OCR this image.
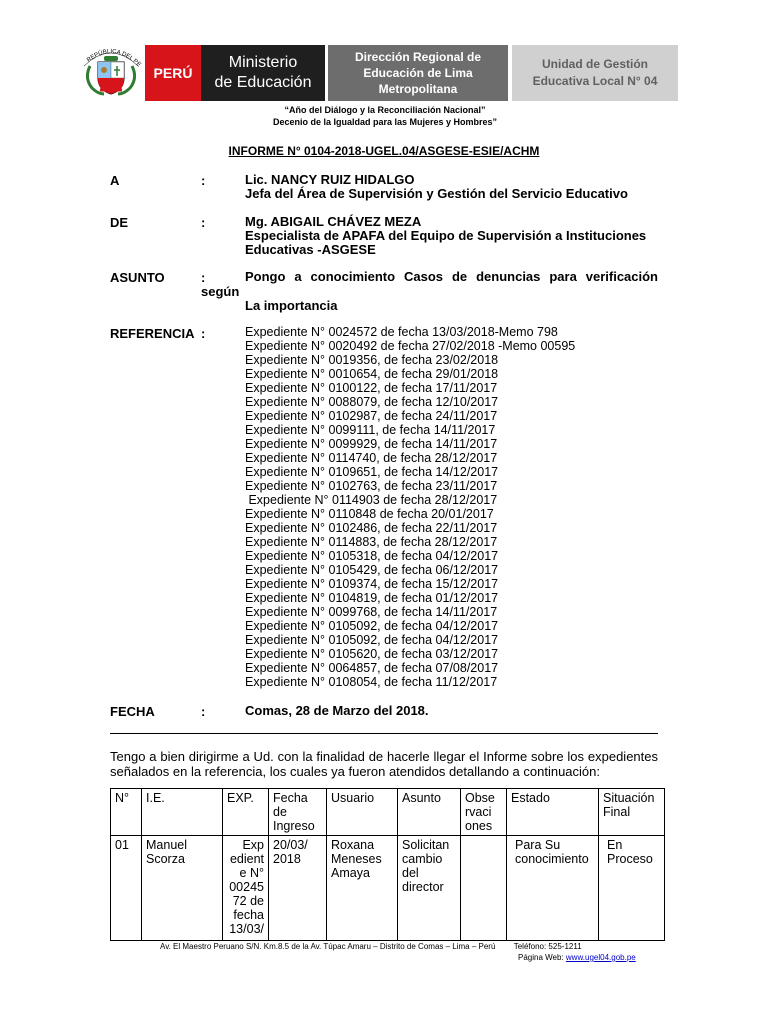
REPÚBLICA DEL PE
PERÚ
Ministerio
de Educación
Dirección Regional de
Educación de Lima
Metropolitana
Unidad de Gestión
Educativa Local N° 04
“Año del Diálogo y la Reconciliación Nacional”
Decenio de la Igualdad para las Mujeres y Hombres”
INFORME N° 0104-2018-UGEL.04/ASGESE-ESIE/ACHM
A	:	Lic. NANCY RUIZ HIDALGO
Jefa del Área de Supervisión y Gestión del Servicio Educativo
DE	:	Mg. ABIGAIL CHÁVEZ MEZA
Especialista de APAFA del Equipo de Supervisión a Instituciones
Educativas -ASGESE
ASUNTO	:	Pongo a conocimiento Casos de denuncias para verificación
según
La importancia
REFERENCIA :	Expediente N° 0024572 de fecha 13/03/2018-Memo 798
Expediente N° 0020492 de fecha 27/02/2018 -Memo 00595
Expediente N° 0019356, de fecha 23/02/2018
Expediente N° 0010654, de fecha 29/01/2018
Expediente N° 0100122, de fecha 17/11/2017
Expediente N° 0088079, de fecha 12/10/2017
Expediente N° 0102987, de fecha 24/11/2017
Expediente N° 0099111, de fecha 14/11/2017
Expediente N° 0099929, de fecha 14/11/2017
Expediente N° 0114740, de fecha 28/12/2017
Expediente N° 0109651, de fecha 14/12/2017
Expediente N° 0102763, de fecha 23/11/2017
Expediente N° 0114903 de fecha 28/12/2017
Expediente N° 0110848 de fecha 20/01/2017
Expediente N° 0102486, de fecha 22/11/2017
Expediente N° 0114883, de fecha 28/12/2017
Expediente N° 0105318, de fecha 04/12/2017
Expediente N° 0105429, de fecha 06/12/2017
Expediente N° 0109374, de fecha 15/12/2017
Expediente N° 0104819, de fecha 01/12/2017
Expediente N° 0099768, de fecha 14/11/2017
Expediente N° 0105092, de fecha 04/12/2017
Expediente N° 0105092, de fecha 04/12/2017
Expediente N° 0105620, de fecha 03/12/2017
Expediente N° 0064857, de fecha 07/08/2017
Expediente N° 0108054, de fecha 11/12/2017
FECHA	:	Comas, 28 de Marzo del 2018.
Tengo a bien dirigirme a Ud. con la finalidad de hacerle llegar el Informe sobre los expedientes señalados en la referencia, los cuales ya fueron atendidos detallando a continuación:
N°	I.E.	EXP.	Fecha de Ingreso	Usuario	Asunto	Obse rvaci ones	Estado	Situación Final
01	Manuel Scorza	Exp edient e N° 00245 72 de fecha 13/03/	20/03/ 2018	Roxana Meneses Amaya	Solicitan cambio del director		Para Su conocimiento	En Proceso
Av. El Maestro Peruano S/N. Km.8.5 de la Av. Túpac Amaru – Distrito de Comas – Lima – Perú Teléfono: 525-1211
Página Web: www.ugel04.gob.pe
